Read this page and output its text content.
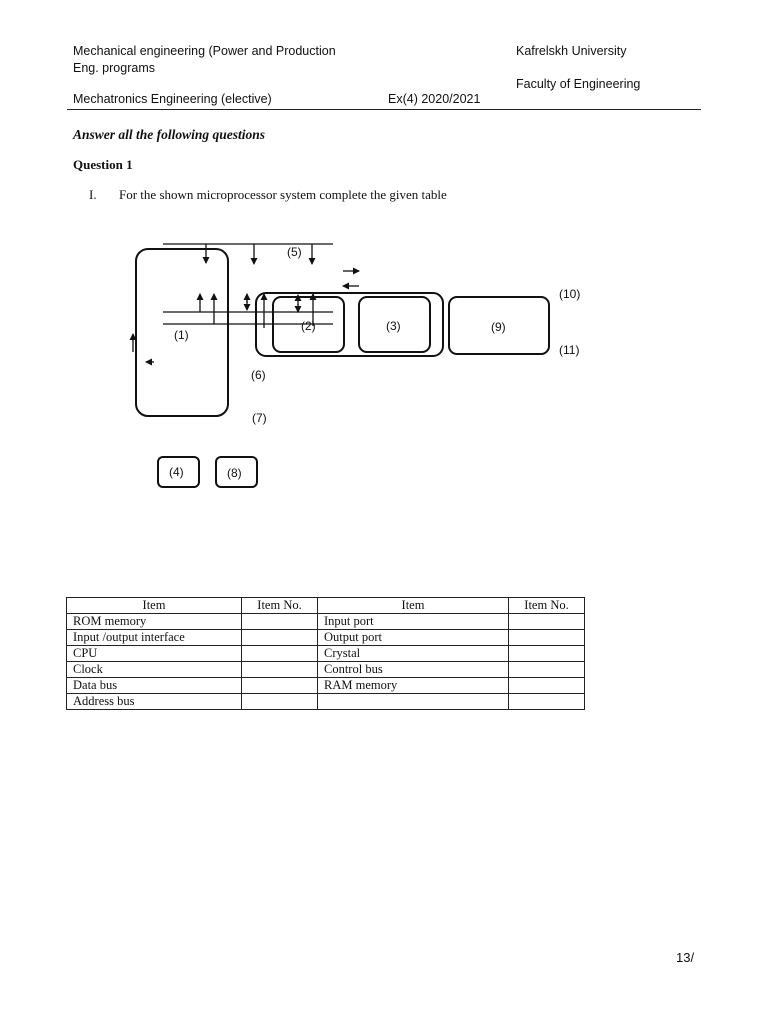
Mechanical engineering (Power and Production
Eng. programs
Mechatronics Engineering (elective)	Ex(4) 2020/2021
Kafrelskh University
Faculty of Engineering
Answer all the following questions
Question 1
I. For the shown microprocessor system complete the given table
(1)
(2)	(3)
(4)
(5)
(6)
(7)
(8)
(9)
(10)
(11)
Item	Item No.	Item	Item No.
ROM memory		Input port	
Input /output interface		Output port	
CPU		Crystal	
Clock		Control bus	
Data bus		RAM memory	
Address bus			
13/
